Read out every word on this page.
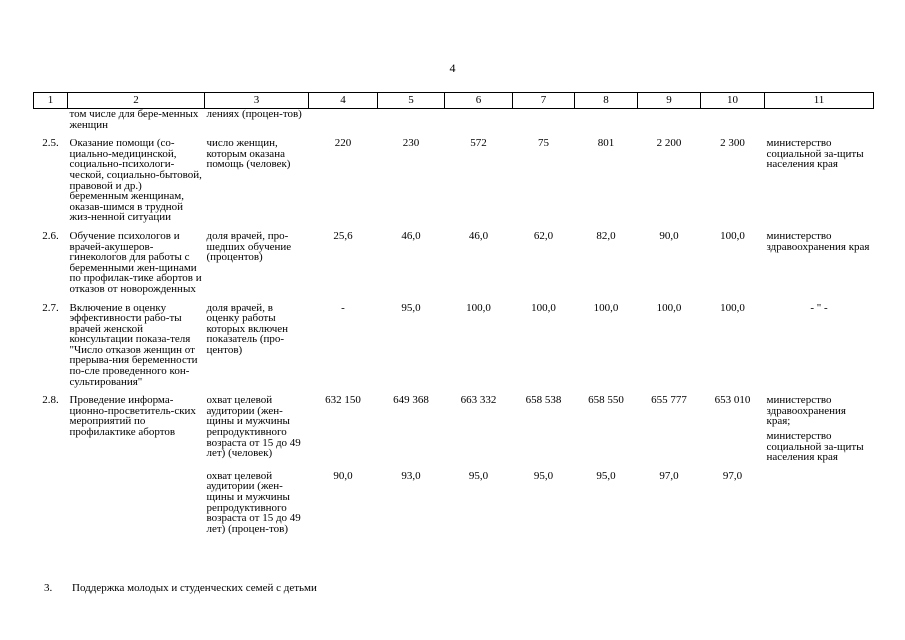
4
1	2	3	4	5	6	7	8	9	10	11
	том числе для бере-менных женщин	лениях (процен-тов)								
2.5.	Оказание помощи (со-циально-медицинской, социально-психологи-ческой, социально-бытовой, правовой и др.) беременным женщинам, оказав-шимся в трудной жиз-ненной ситуации	число женщин, которым оказана помощь (человек)	220	230	572	75	801	2 200	2 300	министерство социальной за-щиты населения края
2.6.	Обучение психологов и врачей-акушеров-гинекологов для работы с беременными жен-щинами по профилак-тике абортов и отказов от новорожденных	доля врачей, про-шедших обучение (процентов)	25,6	46,0	46,0	62,0	82,0	90,0	100,0	министерство здравоохранения края
2.7.	Включение в оценку эффективности рабо-ты врачей женской консультации показа-теля "Число отказов женщин от прерыва-ния беременности по-сле проведенного кон-сультирования"	доля врачей, в оценку работы которых включен показатель (про-центов)	-	95,0	100,0	100,0	100,0	100,0	100,0	- " -
2.8.	Проведение информа-ционно-просветитель-ских мероприятий по профилактике абортов	охват целевой аудитории (жен-щины и мужчины репродуктивного возраста от 15 до 49 лет) (человек)	632 150	649 368	663 332	658 538	658 550	655 777	653 010	министерство здравоохранения края;
министерство социальной за-щиты населения края

		охват целевой аудитории (жен-щины и мужчины репродуктивного возраста от 15 до 49 лет) (процен-тов)	90,0	93,0	95,0	95,0	95,0	97,0	97,0	
3. Поддержка молодых и студенческих семей с детьми
